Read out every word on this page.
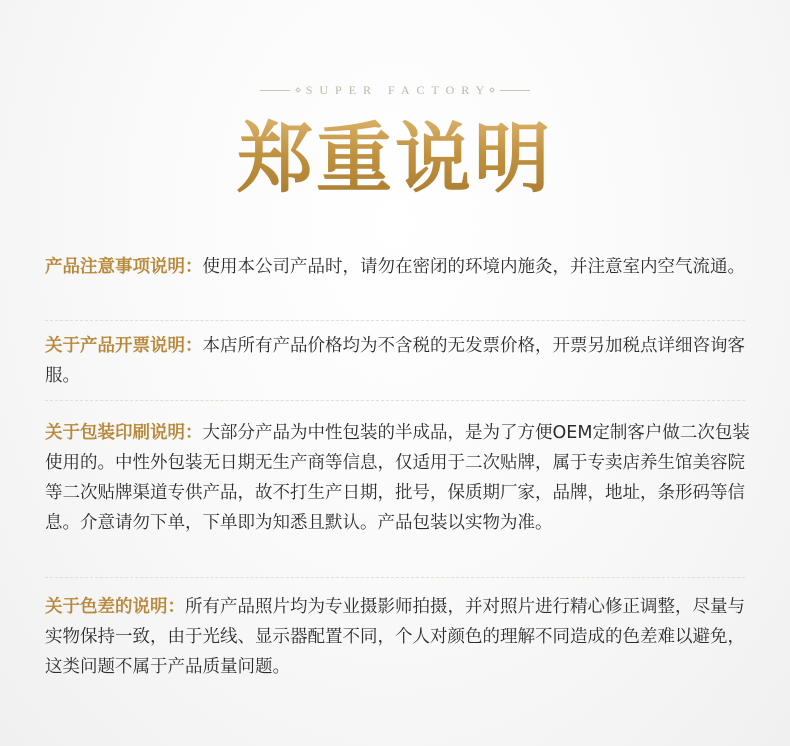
SUPER FACTORY
郑重说明
产品注意事项说明：使用本公司产品时，请勿在密闭的环境内施灸，并注意室内空气流通。
关于产品开票说明：本店所有产品价格均为不含税的无发票价格，开票另加税点详细咨询客服。
关于包装印刷说明：大部分产品为中性包装的半成品，是为了方便OEM定制客户做二次包装使用的。中性外包装无日期无生产商等信息，仅适用于二次贴牌，属于专卖店养生馆美容院等二次贴牌渠道专供产品，故不打生产日期，批号，保质期厂家，品牌，地址，条形码等信息。介意请勿下单，下单即为知悉且默认。产品包装以实物为准。
关于色差的说明：所有产品照片均为专业摄影师拍摄，并对照片进行精心修正调整，尽量与实物保持一致，由于光线、显示器配置不同，个人对颜色的理解不同造成的色差难以避免，这类问题不属于产品质量问题。
